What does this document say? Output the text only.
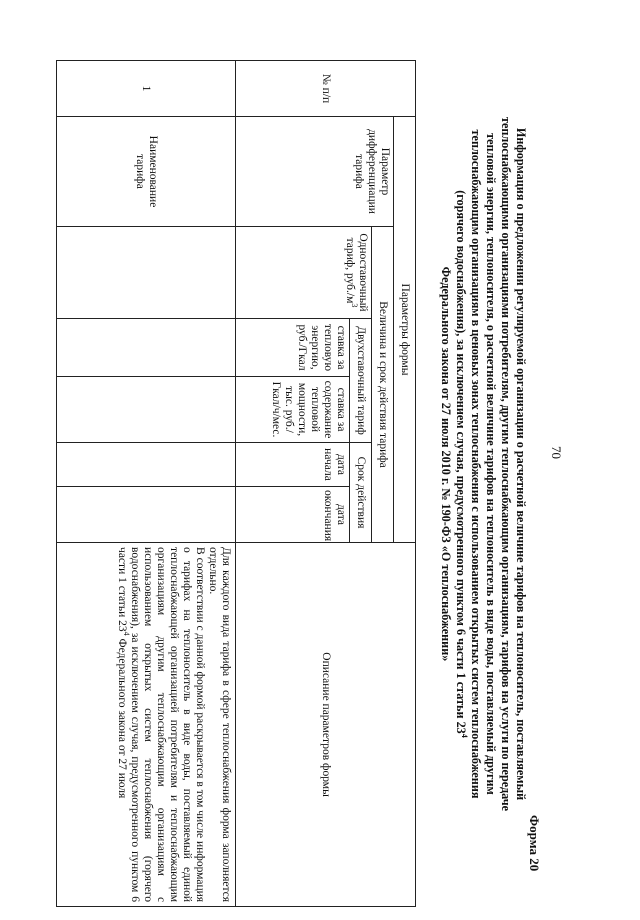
70
Форма 20
Информация о предложении регулируемой организации о расчетной величине тарифов на теплоноситель, поставляемый
теплоснабжающими организациями потребителям, другим теплоснабжающим организациям, тарифов на услуги по передаче
тепловой энергии, теплоносителя, о расчетной величине тарифов на теплоноситель в виде воды, поставляемый другим
теплоснабжающим организациям в ценовых зонах теплоснабжения с использованием открытых систем теплоснабжения
(горячего водоснабжения), за исключением случая, предусмотренного пунктом 6 части 1 статьи $23^4$
Федерального закона от 27 июля 2010 г. № 190-ФЗ «О теплоснабжении»
№ п/п	Параметры формы						Описание параметров формы
	Параметр дифференциации тарифа	Величина и срок действия тарифа					
		Одноставочный тариф, $руб./м^3$	Двухставочный тариф		Срок действия		
			ставка за тепловую энергию, руб./Гкал	ставка за содержание тепловой мощности, тыс. руб./Гкал/ч/мес.	дата начала	дата окончания	
1	Наименование тарифа						Для каждого вида тарифа в сфере теплоснабжения форма заполняется отдельно.
В соответствии с данной формой раскрывается в том числе информация о тарифах на теплоноситель в виде воды, поставляемый единой теплоснабжающей организацией потребителям и теплоснабжающим организациям другим теплоснабжающим организациям с использованием открытых систем теплоснабжения (горячего водоснабжения), за исключением случая, предусмотренного пунктом 6 части 1 статьи $23^4$ Федерального закона от 27 июля
